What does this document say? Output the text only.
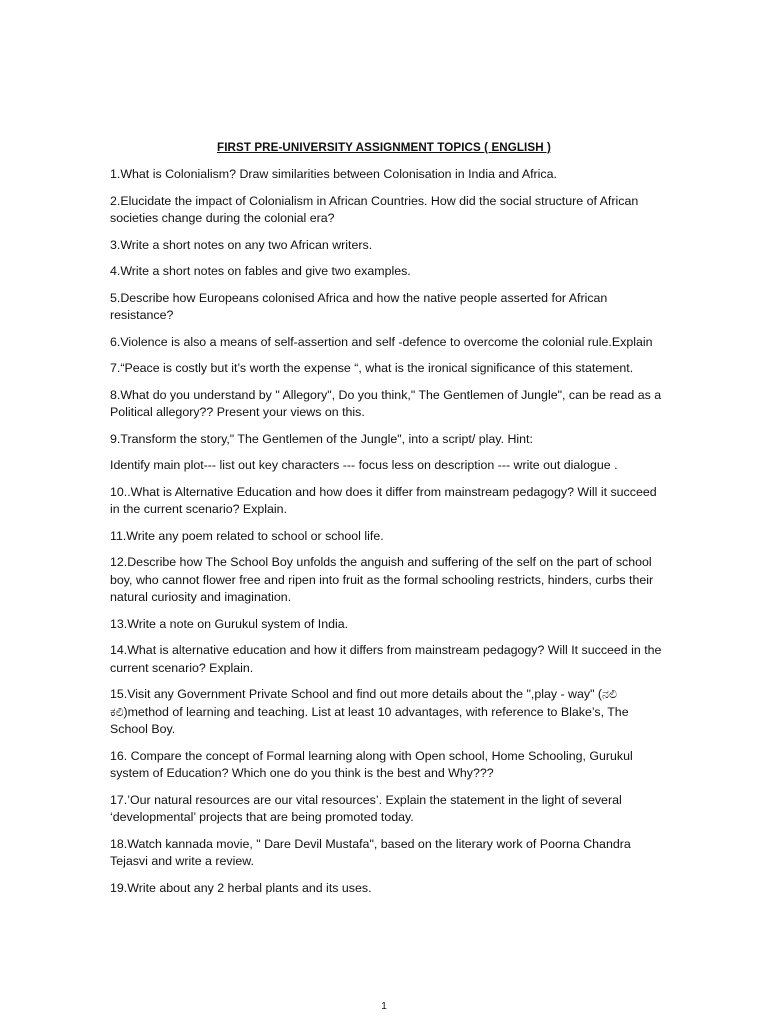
FIRST PRE-UNIVERSITY ASSIGNMENT TOPICS ( ENGLISH )

1.What is Colonialism? Draw similarities between Colonisation in India and Africa.

2.Elucidate the impact of Colonialism in African Countries. How did the social structure of African societies change during the colonial era?

3.Write a short notes on any two African writers.

4.Write a short notes on fables and give two examples.

5.Describe how Europeans colonised Africa and how the native people asserted for African resistance?

6.Violence is also a means of self-assertion and self -defence to overcome the colonial rule.Explain

7.“Peace is costly but it’s worth the expense “, what is the ironical significance of this statement.

8.What do you understand by " Allegory", Do you think," The Gentlemen of Jungle", can be read as a Political allegory?? Present your views on this.

9.Transform the story," The Gentlemen of the Jungle", into a script/ play. Hint:

Identify main plot--- list out key characters --- focus less on description --- write out dialogue .

10..What is Alternative Education and how does it differ from mainstream pedagogy? Will it succeed in the current scenario? Explain.

11.Write any poem related to school or school life.

12.Describe how The School Boy unfolds the anguish and suffering of the self on the part of school boy, who cannot flower free and ripen into fruit as the formal schooling restricts, hinders, curbs their natural curiosity and imagination.

13.Write a note on Gurukul system of India.

14.What is alternative education and how it differs from mainstream pedagogy? Will It succeed in the current scenario? Explain.

15.Visit any Government Private School and find out more details about the ",play - way" (ನಲಿ ಕಲಿ)method of learning and teaching. List at least 10 advantages, with reference to Blake’s, The School Boy.

16. Compare the concept of Formal learning along with Open school, Home Schooling, Gurukul system of Education? Which one do you think is the best and Why???

17.’Our natural resources are our vital resources’. Explain the statement in the light of several ‘developmental’ projects that are being promoted today.

18.Watch kannada movie, " Dare Devil Mustafa", based on the literary work of Poorna Chandra Tejasvi and write a review.

19.Write about any 2 herbal plants and its uses.

1
